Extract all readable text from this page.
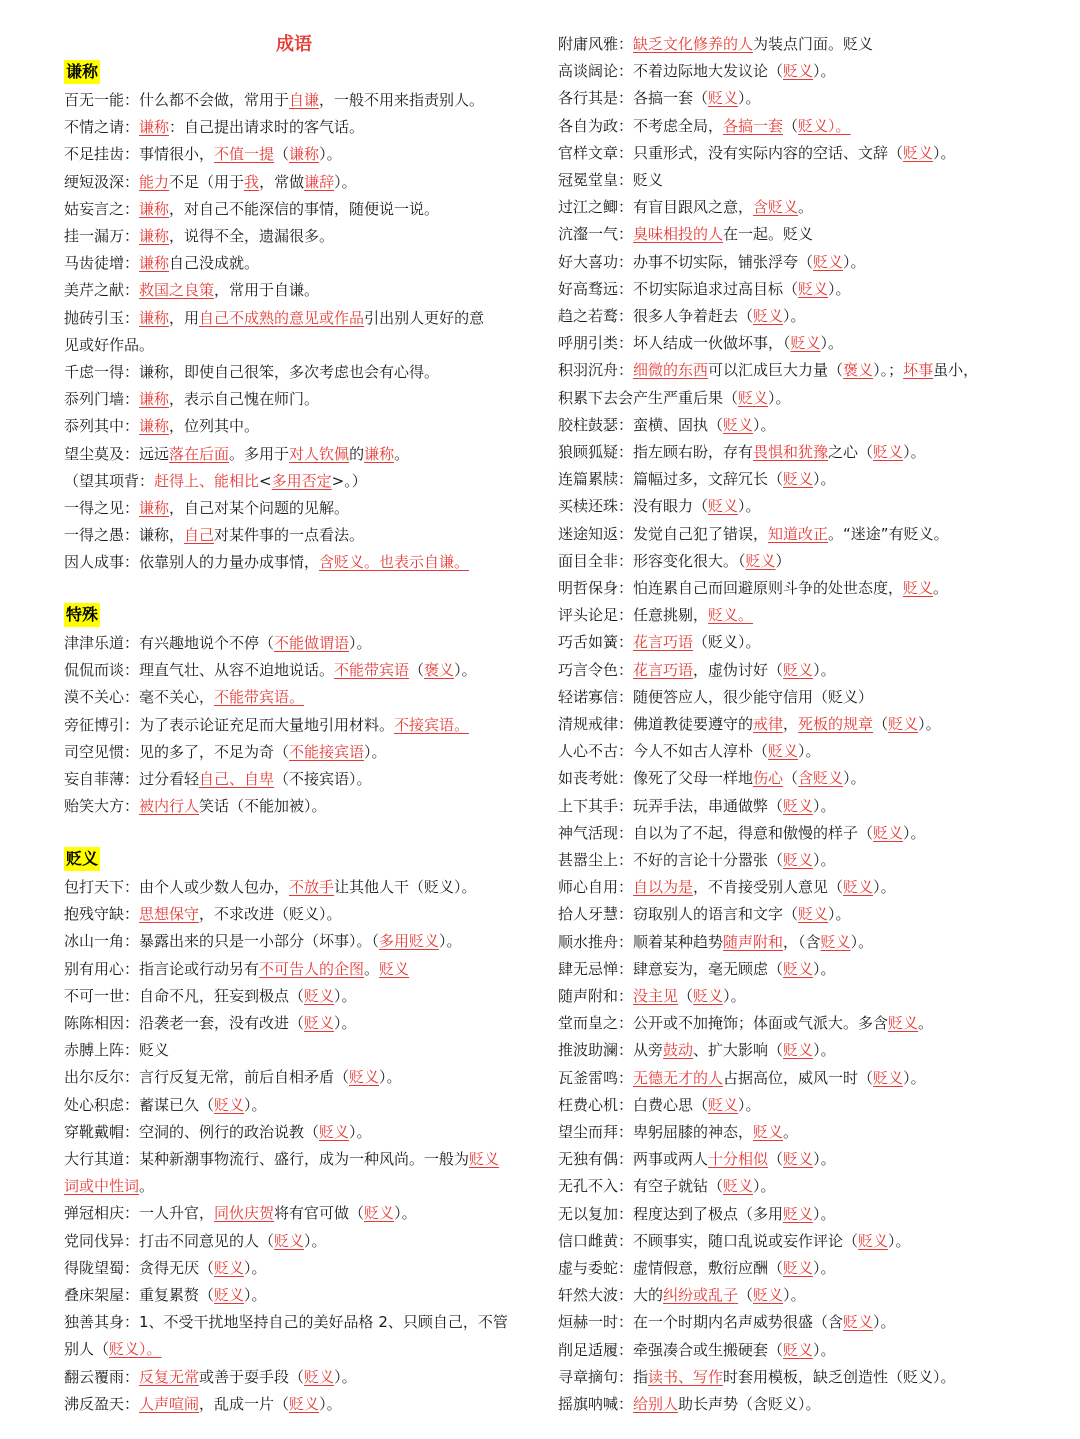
成语
谦称
百无一能：什么都不会做，常用于自谦，一般不用来指责别人。
不情之请：谦称：自己提出请求时的客气话。
不足挂齿：事情很小，不值一提（谦称）。
绠短汲深：能力不足（用于我，常做谦辞）。
姑妄言之：谦称，对自己不能深信的事情，随便说一说。
挂一漏万：谦称，说得不全，遗漏很多。
马齿徒增：谦称自己没成就。
美芹之献：救国之良策，常用于自谦。
抛砖引玉：谦称，用自己不成熟的意见或作品引出别人更好的意
见或好作品。
千虑一得：谦称，即使自己很笨，多次考虑也会有心得。
忝列门墙：谦称，表示自己愧在师门。
忝列其中：谦称，位列其中。
望尘莫及：远远落在后面。多用于对人钦佩的谦称。
（望其项背：赶得上、能相比<多用否定>。）
一得之见：谦称，自己对某个问题的见解。
一得之愚：谦称，自己对某件事的一点看法。
因人成事：依靠别人的力量办成事情，含贬义。也表示自谦。
特殊
津津乐道：有兴趣地说个不停（不能做谓语）。
侃侃而谈：理直气壮、从容不迫地说话。不能带宾语（褒义）。
漠不关心：毫不关心，不能带宾语。
旁征博引：为了表示论证充足而大量地引用材料。不接宾语。
司空见惯：见的多了，不足为奇（不能接宾语）。
妄自菲薄：过分看轻自己、自卑（不接宾语）。
贻笑大方：被内行人笑话（不能加被）。
贬义
包打天下：由个人或少数人包办，不放手让其他人干（贬义）。
抱残守缺：思想保守，不求改进（贬义）。
冰山一角：暴露出来的只是一小部分（坏事）。（多用贬义）。
别有用心：指言论或行动另有不可告人的企图。贬义
不可一世：自命不凡，狂妄到极点（贬义）。
陈陈相因：沿袭老一套，没有改进（贬义）。
赤膊上阵：贬义
出尔反尔：言行反复无常，前后自相矛盾（贬义）。
处心积虑：蓄谋已久（贬义）。
穿靴戴帽：空洞的、例行的政治说教（贬义）。
大行其道：某种新潮事物流行、盛行，成为一种风尚。一般为贬义
词或中性词。
弹冠相庆：一人升官，同伙庆贺将有官可做（贬义）。
党同伐异：打击不同意见的人（贬义）。
得陇望蜀：贪得无厌（贬义）。
叠床架屋：重复累赘（贬义）。
独善其身：1、不受干扰地坚持自己的美好品格 2、只顾自己，不管
别人（贬义）。
翻云覆雨：反复无常或善于耍手段（贬义）。
沸反盈天：人声喧闹，乱成一片（贬义）。
附庸风雅：缺乏文化修养的人为装点门面。贬义
高谈阔论：不着边际地大发议论（贬义）。
各行其是：各搞一套（贬义）。
各自为政：不考虑全局，各搞一套（贬义）。
官样文章：只重形式，没有实际内容的空话、文辞（贬义）。
冠冕堂皇：贬义
过江之鲫：有盲目跟风之意，含贬义。
沆瀣一气：臭味相投的人在一起。贬义
好大喜功：办事不切实际，铺张浮夸（贬义）。
好高骛远：不切实际追求过高目标（贬义）。
趋之若鹜：很多人争着赶去（贬义）。
呼朋引类：坏人结成一伙做坏事，（贬义）。
积羽沉舟：细微的东西可以汇成巨大力量（褒义）。；坏事虽小，
积累下去会产生严重后果（贬义）。
胶柱鼓瑟：蛮横、固执（贬义）。
狼顾狐疑：指左顾右盼，存有畏惧和犹豫之心（贬义）。
连篇累牍：篇幅过多，文辞冗长（贬义）。
买椟还珠：没有眼力（贬义）。
迷途知返：发觉自己犯了错误，知道改正。“迷途”有贬义。
面目全非：形容变化很大。（贬义）
明哲保身：怕连累自己而回避原则斗争的处世态度，贬义。
评头论足：任意挑剔，贬义。
巧舌如簧：花言巧语（贬义）。
巧言令色：花言巧语，虚伪讨好（贬义）。
轻诺寡信：随便答应人，很少能守信用（贬义）
清规戒律：佛道教徒要遵守的戒律，死板的规章（贬义）。
人心不古：今人不如古人淳朴（贬义）。
如丧考妣：像死了父母一样地伤心（含贬义）。
上下其手：玩弄手法，串通做弊（贬义）。
神气活现：自以为了不起，得意和傲慢的样子（贬义）。
甚嚣尘上：不好的言论十分嚣张（贬义）。
师心自用：自以为是，不肯接受别人意见（贬义）。
拾人牙慧：窃取别人的语言和文字（贬义）。
顺水推舟：顺着某种趋势随声附和，（含贬义）。
肆无忌惮：肆意妄为，毫无顾虑（贬义）。
随声附和：没主见（贬义）。
堂而皇之：公开或不加掩饰；体面或气派大。多含贬义。
推波助澜：从旁鼓动、扩大影响（贬义）。
瓦釜雷鸣：无德无才的人占据高位，威风一时（贬义）。
枉费心机：白费心思（贬义）。
望尘而拜：卑躬屈膝的神态，贬义。
无独有偶：两事或两人十分相似（贬义）。
无孔不入：有空子就钻（贬义）。
无以复加：程度达到了极点（多用贬义）。
信口雌黄：不顾事实，随口乱说或妄作评论（贬义）。
虚与委蛇：虚情假意，敷衍应酬（贬义）。
轩然大波：大的纠纷或乱子（贬义）。
烜赫一时：在一个时期内名声威势很盛（含贬义）。
削足适履：牵强凑合或生搬硬套（贬义）。
寻章摘句：指读书、写作时套用模板，缺乏创造性（贬义）。
摇旗呐喊：给别人助长声势（含贬义）。
